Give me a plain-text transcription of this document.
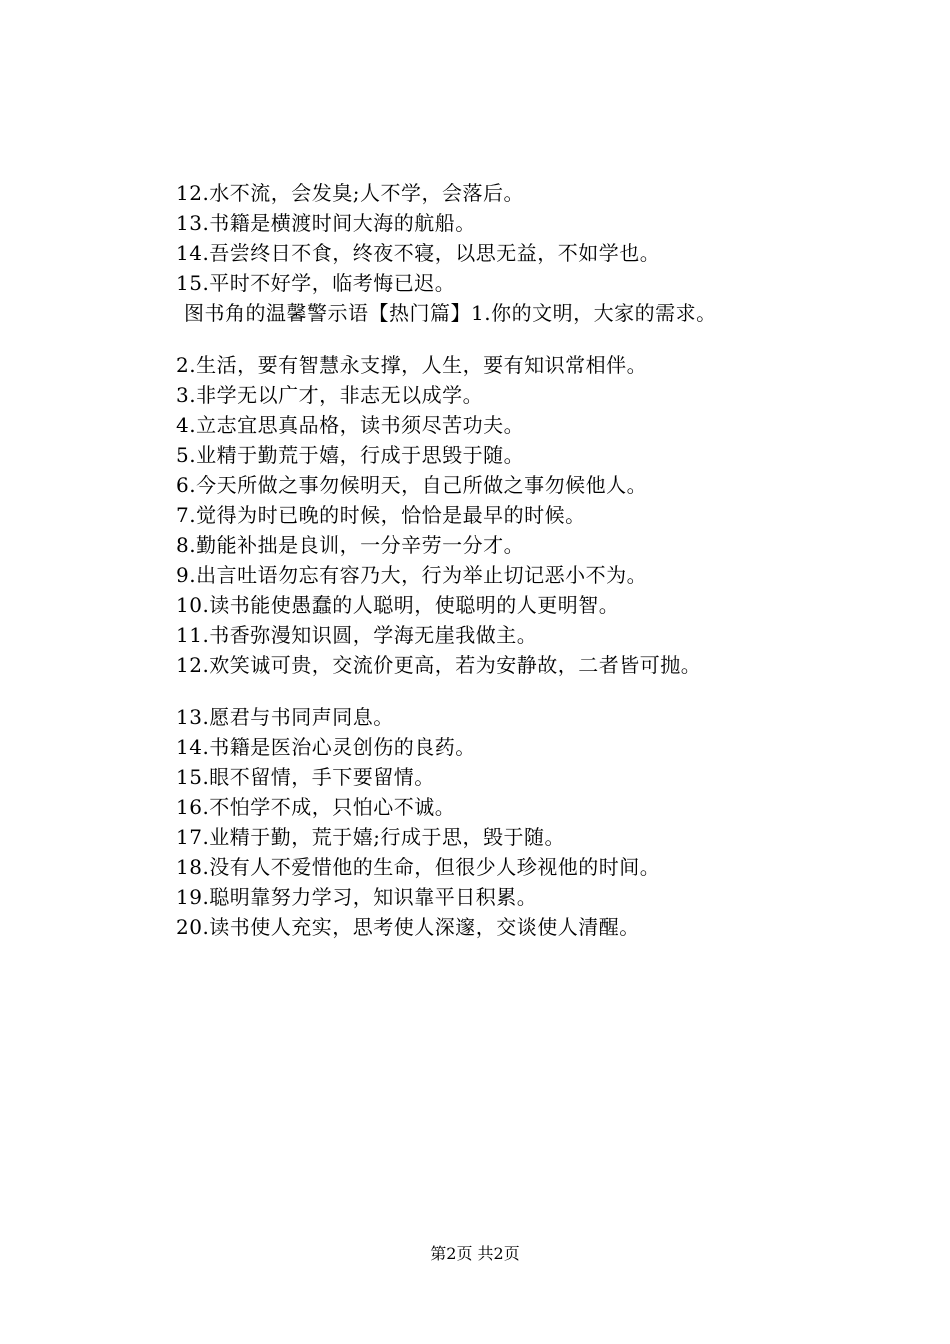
12.水不流，会发臭;人不学，会落后。
13.书籍是横渡时间大海的航船。
14.吾尝终日不食，终夜不寝，以思无益，不如学也。
15.平时不好学，临考悔已迟。
图书角的温馨警示语【热门篇】1.你的文明，大家的需求。
2.生活，要有智慧永支撑，人生，要有知识常相伴。
3.非学无以广才，非志无以成学。
4.立志宜思真品格，读书须尽苦功夫。
5.业精于勤荒于嬉，行成于思毁于随。
6.今天所做之事勿候明天，自己所做之事勿候他人。
7.觉得为时已晚的时候，恰恰是最早的时候。
8.勤能补拙是良训，一分辛劳一分才。
9.出言吐语勿忘有容乃大，行为举止切记恶小不为。
10.读书能使愚蠢的人聪明，使聪明的人更明智。
11.书香弥漫知识圆，学海无崖我做主。
12.欢笑诚可贵，交流价更高，若为安静故，二者皆可抛。
13.愿君与书同声同息。
14.书籍是医治心灵创伤的良药。
15.眼不留情，手下要留情。
16.不怕学不成，只怕心不诚。
17.业精于勤，荒于嬉;行成于思，毁于随。
18.没有人不爱惜他的生命，但很少人珍视他的时间。
19.聪明靠努力学习，知识靠平日积累。
20.读书使人充实，思考使人深邃，交谈使人清醒。
第2页 共2页
